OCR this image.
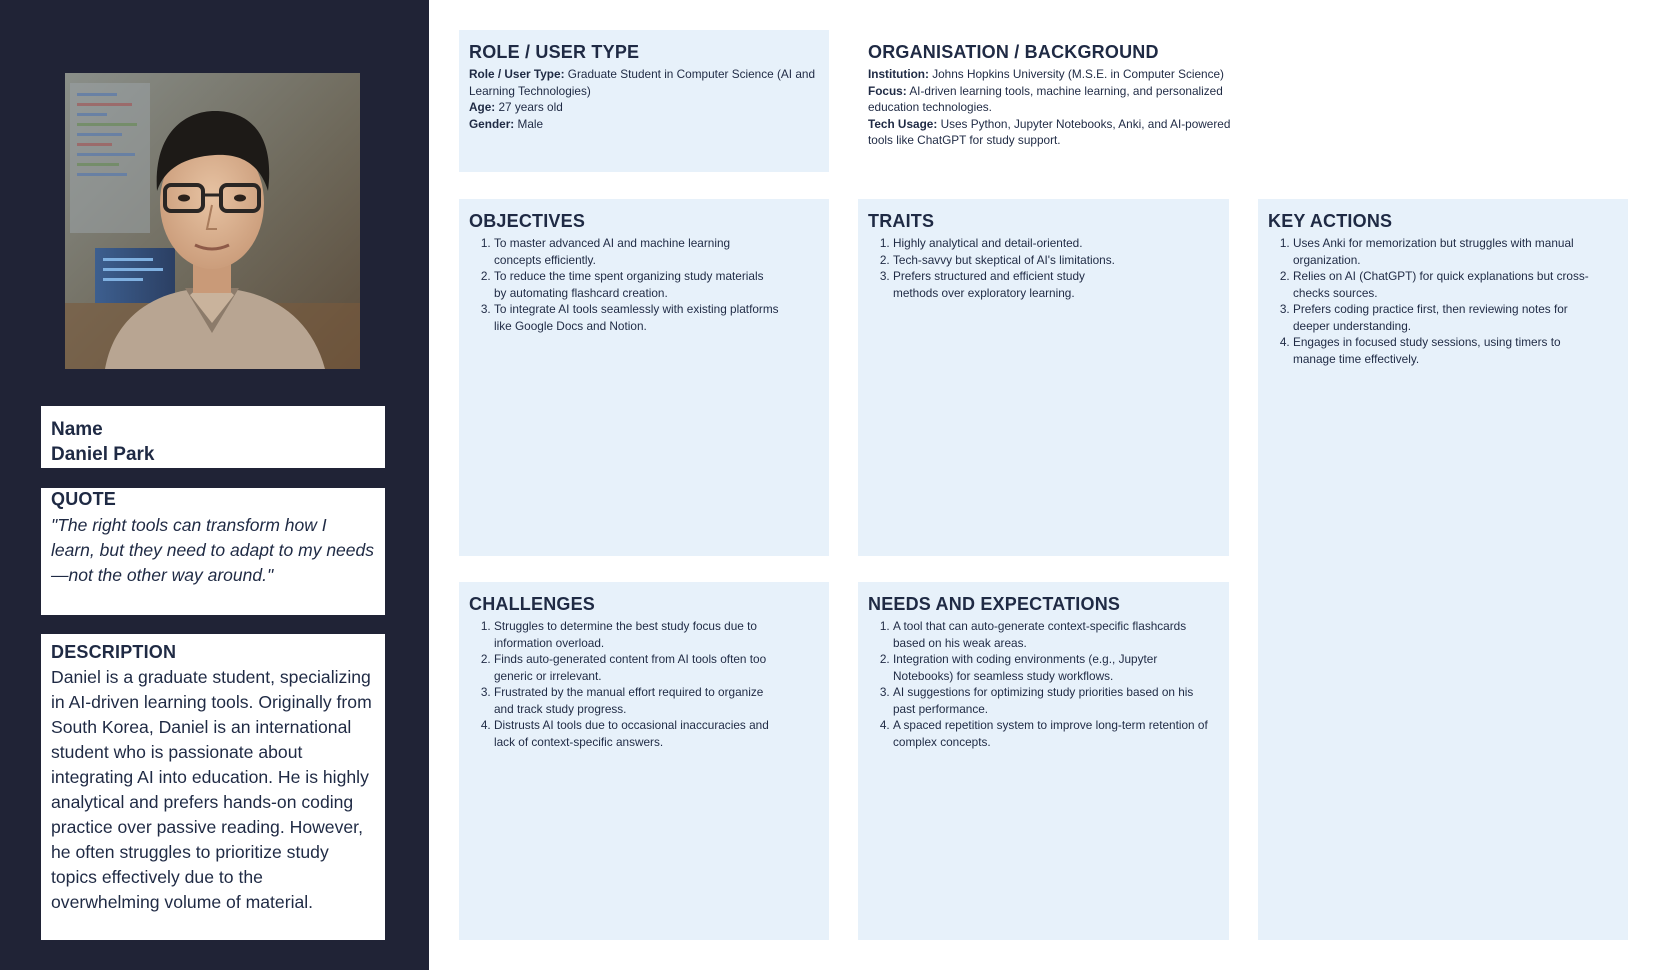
Name
Daniel Park
QUOTE
"The right tools can transform how I learn, but they need to adapt to my needs—not the other way around."
DESCRIPTION
Daniel is a graduate student, specializing in AI-driven learning tools. Originally from South Korea, Daniel is an international student who is passionate about integrating AI into education. He is highly analytical and prefers hands-on coding practice over passive reading. However, he often struggles to prioritize study topics effectively due to the overwhelming volume of material.
ROLE / USER TYPE
Role / User Type: Graduate Student in Computer Science (AI and Learning Technologies)
Age: 27 years old
Gender: Male
ORGANISATION / BACKGROUND
Institution: Johns Hopkins University (M.S.E. in Computer Science)
Focus: AI-driven learning tools, machine learning, and personalized education technologies.
Tech Usage: Uses Python, Jupyter Notebooks, Anki, and AI-powered tools like ChatGPT for study support.
OBJECTIVES
1. To master advanced AI and machine learning concepts efficiently.
2. To reduce the time spent organizing study materials by automating flashcard creation.
3. To integrate AI tools seamlessly with existing platforms like Google Docs and Notion.
TRAITS
1. Highly analytical and detail-oriented.
2. Tech-savvy but skeptical of AI's limitations.
3. Prefers structured and efficient study methods over exploratory learning.
KEY ACTIONS
1. Uses Anki for memorization but struggles with manual organization.
2. Relies on AI (ChatGPT) for quick explanations but cross-checks sources.
3. Prefers coding practice first, then reviewing notes for deeper understanding.
4. Engages in focused study sessions, using timers to manage time effectively.
CHALLENGES
1. Struggles to determine the best study focus due to information overload.
2. Finds auto-generated content from AI tools often too generic or irrelevant.
3. Frustrated by the manual effort required to organize and track study progress.
4. Distrusts AI tools due to occasional inaccuracies and lack of context-specific answers.
NEEDS AND EXPECTATIONS
1. A tool that can auto-generate context-specific flashcards based on his weak areas.
2. Integration with coding environments (e.g., Jupyter Notebooks) for seamless study workflows.
3. AI suggestions for optimizing study priorities based on his past performance.
4. A spaced repetition system to improve long-term retention of complex concepts.
